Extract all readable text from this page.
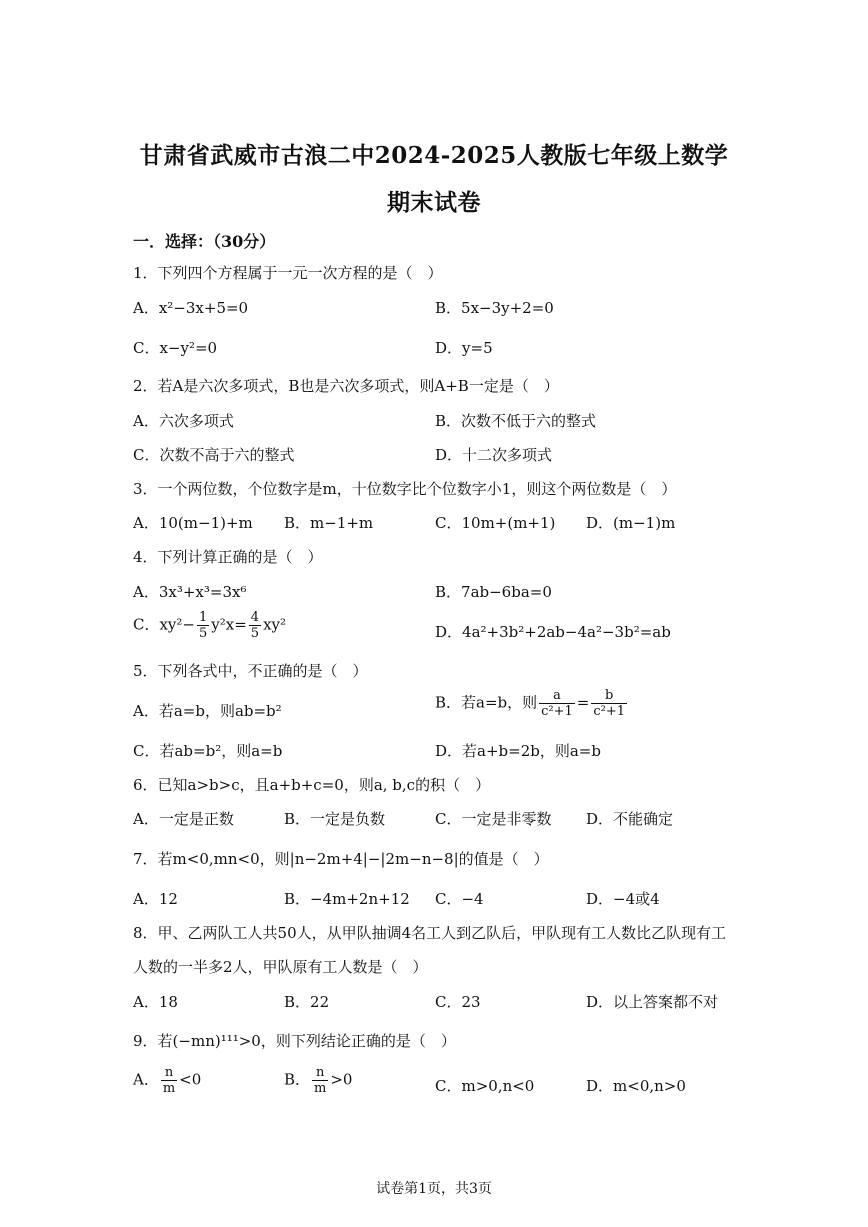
甘肃省武威市古浪二中2024-2025人教版七年级上数学
期末试卷
一．选择：（30分）
1．下列四个方程属于一元一次方程的是（　）
A．x²−3x+5=0	B．5x−3y+2=0
C．x−y²=0	D．y=5
2．若A是六次多项式，B也是六次多项式，则A+B一定是（　）
A．六次多项式	B．次数不低于六的整式
C．次数不高于六的整式	D．十二次多项式
3．一个两位数，个位数字是m，十位数字比个位数字小1，则这个两位数是（　）
A．10(m−1)+m B．m−1+m	C．10m+(m+1) D．(m−1)m
4．下列计算正确的是（　）
A．3x³+x³=3x⁶	B．7ab−6ba=0
C．$xy^2- \frac{1}{5} y^2x= \frac{4}{5} xy^2$	D．4a²+3b²+2ab−4a²−3b²=ab
5．下列各式中，不正确的是（　）
A．若a=b，则ab=b²	B．若a=b，则 $\frac{a}{\text{c²+1}} = \frac{b}{\text{c²+1}}$
C．若ab=b²，则a=b	D．若a+b=2b，则a=b
6．已知a>b>c，且a+b+c=0，则a, b,c的积（　）
A．一定是正数	B．一定是负数	C．一定是非零数 D．不能确定
7．若m<0,mn<0，则|n−2m+4|−|2m−n−8|的值是（　）
A．12	B．−4m+2n+12 C．−4	D．−4或4
8．甲、乙两队工人共50人，从甲队抽调4名工人到乙队后，甲队现有工人数比乙队现有工
人数的一半多2人，甲队原有工人数是（　）
A．18	B．22	C．23	D．以上答案都不对
9．若(−mn)¹¹¹>0，则下列结论正确的是（　）
A． $\frac{n}{m} <0$	B． $\frac{n}{m} >0$	C．m>0,n<0	D．m<0,n>0
试卷第1页，共3页
